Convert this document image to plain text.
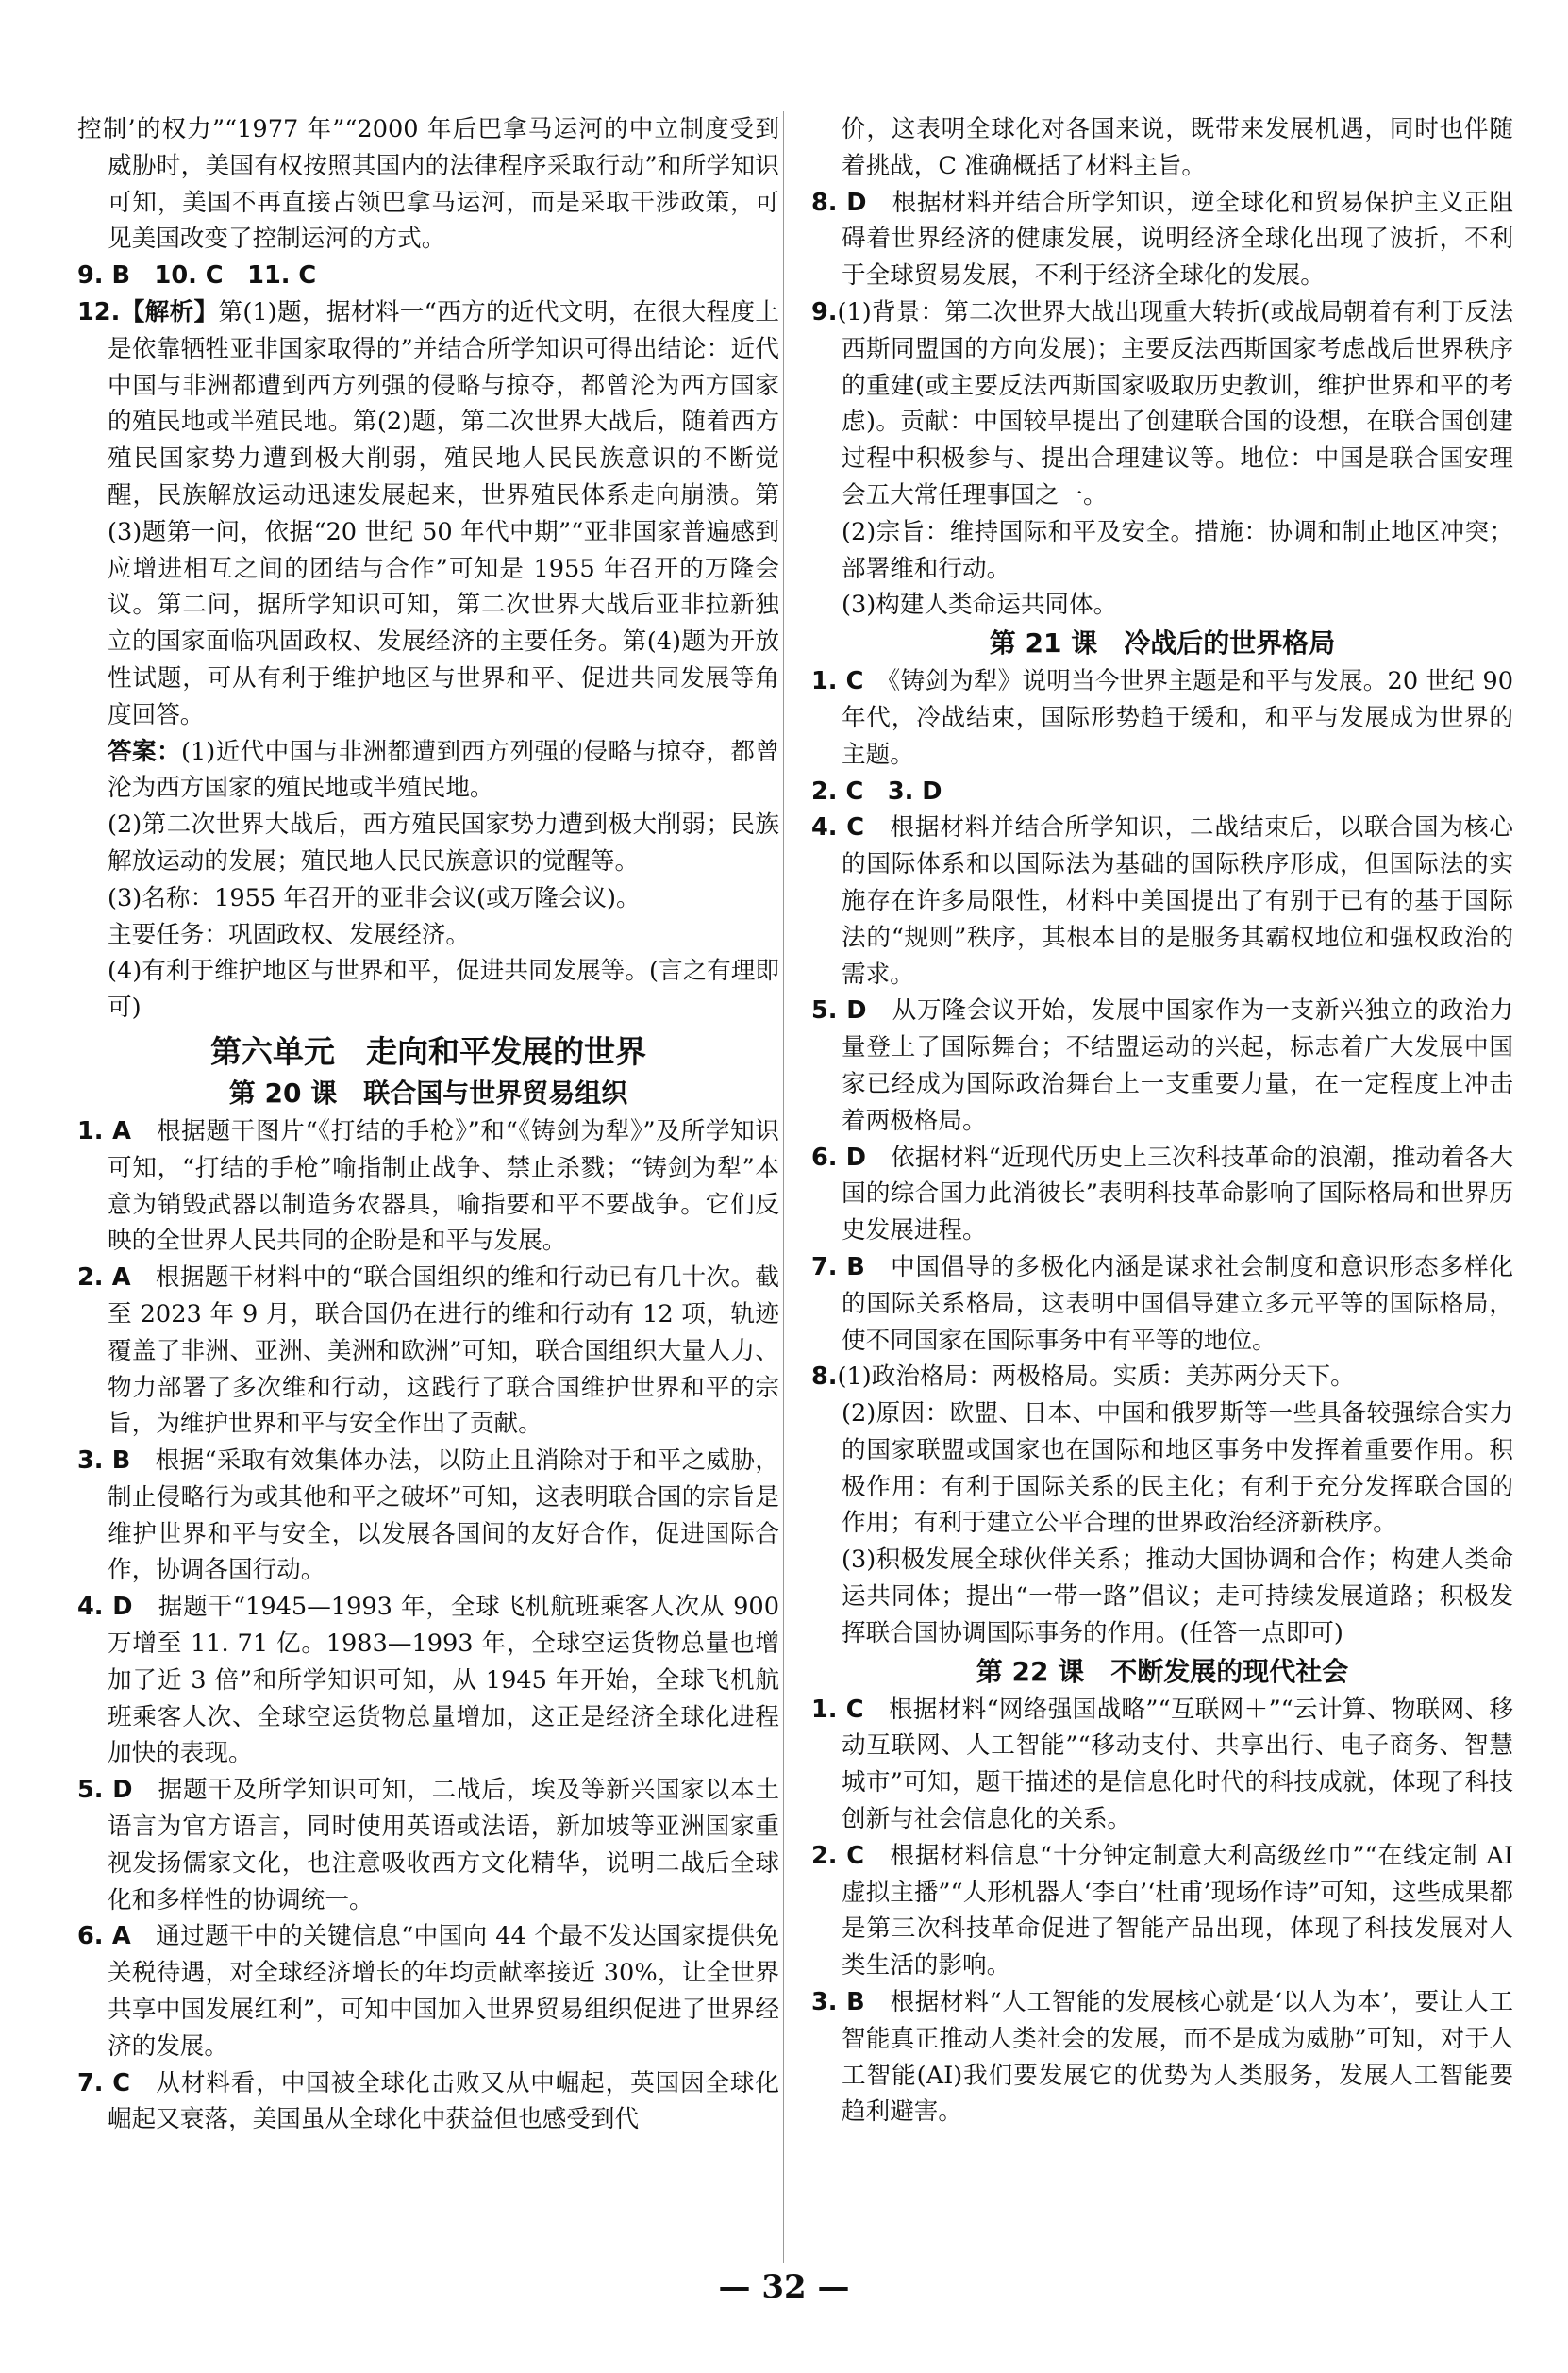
控制’的权力”“1977 年”“2000 年后巴拿马运河的中立制度受到威胁时，美国有权按照其国内的法律程序采取行动”和所学知识可知，美国不再直接占领巴拿马运河，而是采取干涉政策，可见美国改变了控制运河的方式。

9. B　10. C　11. C

12.【解析】第(1)题，据材料一“西方的近代文明，在很大程度上是依靠牺牲亚非国家取得的”并结合所学知识可得出结论：近代中国与非洲都遭到西方列强的侵略与掠夺，都曾沦为西方国家的殖民地或半殖民地。第(2)题，第二次世界大战后，随着西方殖民国家势力遭到极大削弱，殖民地人民民族意识的不断觉醒，民族解放运动迅速发展起来，世界殖民体系走向崩溃。第(3)题第一问，依据“20 世纪 50 年代中期”“亚非国家普遍感到应增进相互之间的团结与合作”可知是 1955 年召开的万隆会议。第二问，据所学知识可知，第二次世界大战后亚非拉新独立的国家面临巩固政权、发展经济的主要任务。第(4)题为开放性试题，可从有利于维护地区与世界和平、促进共同发展等角度回答。

答案：(1)近代中国与非洲都遭到西方列强的侵略与掠夺，都曾沦为西方国家的殖民地或半殖民地。

(2)第二次世界大战后，西方殖民国家势力遭到极大削弱；民族解放运动的发展；殖民地人民民族意识的觉醒等。

(3)名称：1955 年召开的亚非会议(或万隆会议)。

主要任务：巩固政权、发展经济。

(4)有利于维护地区与世界和平，促进共同发展等。(言之有理即可)

第六单元　走向和平发展的世界
第 20 课　联合国与世界贸易组织

1. A　 根据题干图片“《打结的手枪》”和“《铸剑为犁》”及所学知识可知，“打结的手枪”喻指制止战争、禁止杀戮；“铸剑为犁”本意为销毁武器以制造务农器具，喻指要和平不要战争。它们反映的全世界人民共同的企盼是和平与发展。

2. A　 根据题干材料中的“联合国组织的维和行动已有几十次。截至 2023 年 9 月，联合国仍在进行的维和行动有 12 项，轨迹覆盖了非洲、亚洲、美洲和欧洲”可知，联合国组织大量人力、物力部署了多次维和行动，这践行了联合国维护世界和平的宗旨，为维护世界和平与安全作出了贡献。

3. B　 根据“采取有效集体办法，以防止且消除对于和平之威胁，制止侵略行为或其他和平之破坏”可知，这表明联合国的宗旨是维护世界和平与安全，以发展各国间的友好合作，促进国际合作，协调各国行动。

4. D　 据题干“1945—1993 年，全球飞机航班乘客人次从 900 万增至 11. 71 亿。1983—1993 年，全球空运货物总量也增加了近 3 倍”和所学知识可知，从 1945 年开始，全球飞机航班乘客人次、全球空运货物总量增加，这正是经济全球化进程加快的表现。

5. D　 据题干及所学知识可知，二战后，埃及等新兴国家以本土语言为官方语言，同时使用英语或法语，新加坡等亚洲国家重视发扬儒家文化，也注意吸收西方文化精华，说明二战后全球化和多样性的协调统一。

6. A　 通过题干中的关键信息“中国向 44 个最不发达国家提供免关税待遇，对全球经济增长的年均贡献率接近 30%，让全世界共享中国发展红利”，可知中国加入世界贸易组织促进了世界经济的发展。

7. C　 从材料看，中国被全球化击败又从中崛起，英国因全球化崛起又衰落，美国虽从全球化中获益但也感受到代

价，这表明全球化对各国来说，既带来发展机遇，同时也伴随着挑战，C 准确概括了材料主旨。

8. D　 根据材料并结合所学知识，逆全球化和贸易保护主义正阻碍着世界经济的健康发展，说明经济全球化出现了波折，不利于全球贸易发展，不利于经济全球化的发展。

9.(1)背景：第二次世界大战出现重大转折(或战局朝着有利于反法西斯同盟国的方向发展)；主要反法西斯国家考虑战后世界秩序的重建(或主要反法西斯国家吸取历史教训，维护世界和平的考虑)。贡献：中国较早提出了创建联合国的设想，在联合国创建过程中积极参与、提出合理建议等。地位：中国是联合国安理会五大常任理事国之一。

(2)宗旨：维持国际和平及安全。措施：协调和制止地区冲突；部署维和行动。

(3)构建人类命运共同体。

第 21 课　冷战后的世界格局

1. C　 《铸剑为犁》说明当今世界主题是和平与发展。20 世纪 90 年代，冷战结束，国际形势趋于缓和，和平与发展成为世界的主题。

2. C　3. D

4. C　 根据材料并结合所学知识，二战结束后，以联合国为核心的国际体系和以国际法为基础的国际秩序形成，但国际法的实施存在许多局限性，材料中美国提出了有别于已有的基于国际法的“规则”秩序，其根本目的是服务其霸权地位和强权政治的需求。

5. D　 从万隆会议开始，发展中国家作为一支新兴独立的政治力量登上了国际舞台；不结盟运动的兴起，标志着广大发展中国家已经成为国际政治舞台上一支重要力量，在一定程度上冲击着两极格局。

6. D　 依据材料“近现代历史上三次科技革命的浪潮，推动着各大国的综合国力此消彼长”表明科技革命影响了国际格局和世界历史发展进程。

7. B　 中国倡导的多极化内涵是谋求社会制度和意识形态多样化的国际关系格局，这表明中国倡导建立多元平等的国际格局，使不同国家在国际事务中有平等的地位。

8.(1)政治格局：两极格局。实质：美苏两分天下。

(2)原因：欧盟、日本、中国和俄罗斯等一些具备较强综合实力的国家联盟或国家也在国际和地区事务中发挥着重要作用。积极作用：有利于国际关系的民主化；有利于充分发挥联合国的作用；有利于建立公平合理的世界政治经济新秩序。

(3)积极发展全球伙伴关系；推动大国协调和合作；构建人类命运共同体；提出“一带一路”倡议；走可持续发展道路；积极发挥联合国协调国际事务的作用。(任答一点即可)

第 22 课　不断发展的现代社会

1. C　 根据材料“网络强国战略”“互联网＋”“云计算、物联网、移动互联网、人工智能”“移动支付、共享出行、电子商务、智慧城市”可知，题干描述的是信息化时代的科技成就，体现了科技创新与社会信息化的关系。

2. C　 根据材料信息“十分钟定制意大利高级丝巾”“在线定制 AI 虚拟主播”“人形机器人‘李白’‘杜甫’现场作诗”可知，这些成果都是第三次科技革命促进了智能产品出现，体现了科技发展对人类生活的影响。

3. B　 根据材料“人工智能的发展核心就是‘以人为本’，要让人工智能真正推动人类社会的发展，而不是成为威胁”可知，对于人工智能(AI)我们要发展它的优势为人类服务，发展人工智能要趋利避害。

— 32 —
